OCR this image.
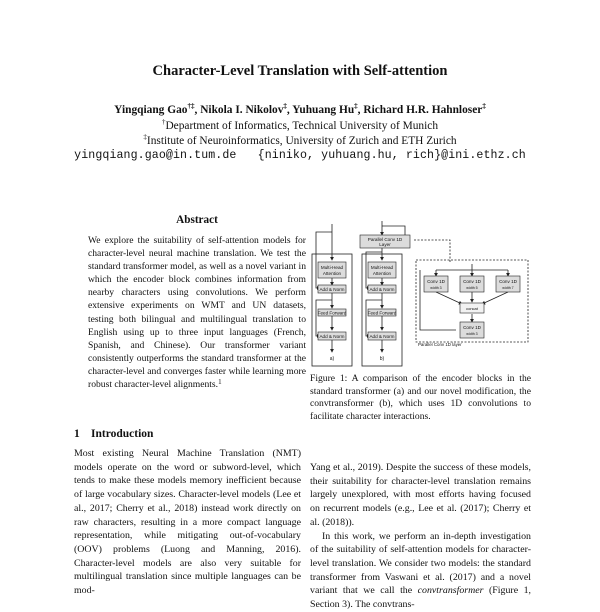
Character-Level Translation with Self-attention
Yingqiang Gao†‡, Nikola I. Nikolov‡, Yuhuang Hu‡, Richard H.R. Hahnloser‡
†Department of Informatics, Technical University of Munich
‡Institute of Neuroinformatics, University of Zurich and ETH Zurich
yingqiang.gao@in.tum.de   {niniko, yuhuang.hu, rich}@ini.ethz.ch
Abstract
We explore the suitability of self-attention models for character-level neural machine translation. We test the standard transformer model, as well as a novel variant in which the encoder block combines information from nearby characters using convolutions. We perform extensive experiments on WMT and UN datasets, testing both bilingual and multilingual translation to English using up to three input languages (French, Spanish, and Chinese). Our transformer variant consistently outperforms the standard transformer at the character-level and converges faster while learning more robust character-level alignments.$^1$
1 Introduction
Most existing Neural Machine Translation (NMT) models operate on the word or subword-level, which tends to make these models memory inefficient because of large vocabulary sizes. Character-level models (Lee et al., 2017; Cherry et al., 2018) instead work directly on raw characters, resulting in a more compact language representation, while mitigating out-of-vocabulary (OOV) problems (Luong and Manning, 2016). Character-level models are also very suitable for multilingual translation since multiple languages can be mod-
Multi-Head
Attention
Add & Norm
Feed Forward
Add & Norm
a)
Parallel Conv 1D
Layer
Multi-Head
Attention
Add & Norm
Feed Forward
Add & Norm
b)
Conv 1D
width 3
Conv 1D
width 5
Conv 1D
width 7
concat
Conv 1D
width 3
Parallel Conv 1D layer
Figure 1: A comparison of the encoder blocks in the standard transformer (a) and our novel modification, the convtransformer (b), which uses 1D convolutions to facilitate character interactions.

Yang et al., 2019). Despite the success of these models, their suitability for character-level translation remains largely unexplored, with most efforts having focused on recurrent models (e.g., Lee et al. (2017); Cherry et al. (2018)).

In this work, we perform an in-depth investigation of the suitability of self-attention models for character-level translation. We consider two models: the standard transformer from Vaswani et al. (2017) and a novel variant that we call the convtransformer (Figure 1, Section 3). The convtrans-
